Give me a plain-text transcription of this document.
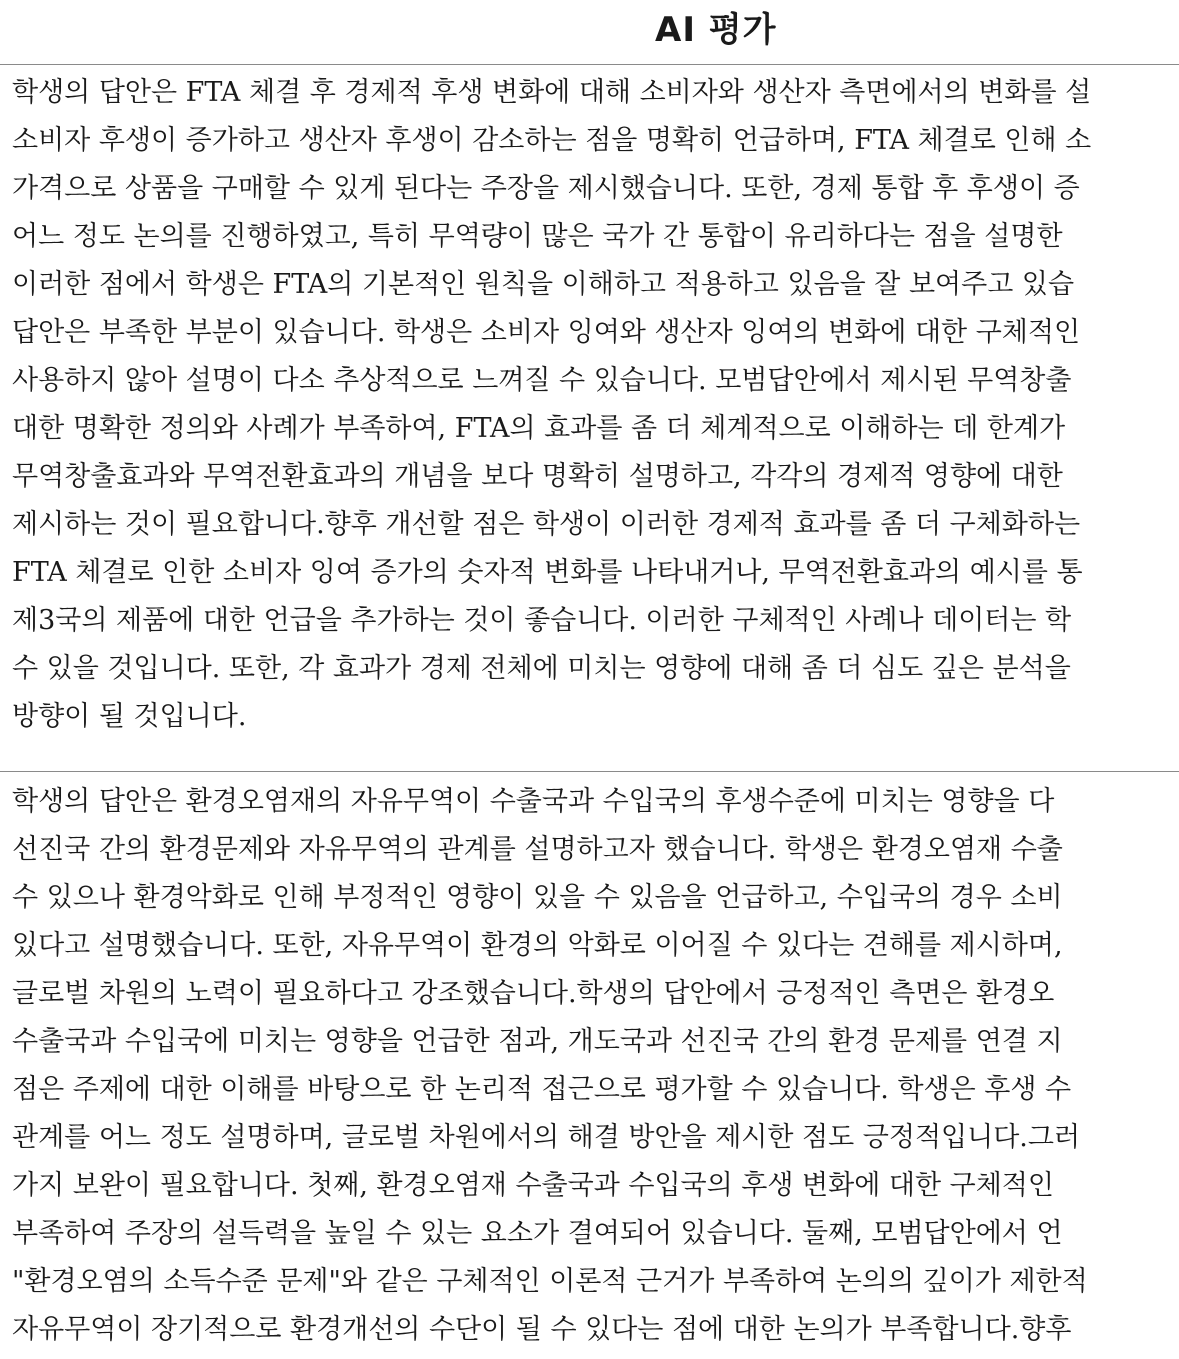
AI 평가
학생의 답안은 FTA 체결 후 경제적 후생 변화에 대해 소비자와 생산자 측면에서의 변화를 설
소비자 후생이 증가하고 생산자 후생이 감소하는 점을 명확히 언급하며, FTA 체결로 인해 소
가격으로 상품을 구매할 수 있게 된다는 주장을 제시했습니다. 또한, 경제 통합 후 후생이 증
어느 정도 논의를 진행하였고, 특히 무역량이 많은 국가 간 통합이 유리하다는 점을 설명한
이러한 점에서 학생은 FTA의 기본적인 원칙을 이해하고 적용하고 있음을 잘 보여주고 있습
답안은 부족한 부분이 있습니다. 학생은 소비자 잉여와 생산자 잉여의 변화에 대한 구체적인
사용하지 않아 설명이 다소 추상적으로 느껴질 수 있습니다. 모범답안에서 제시된 무역창출
대한 명확한 정의와 사례가 부족하여, FTA의 효과를 좀 더 체계적으로 이해하는 데 한계가
무역창출효과와 무역전환효과의 개념을 보다 명확히 설명하고, 각각의 경제적 영향에 대한
제시하는 것이 필요합니다.향후 개선할 점은 학생이 이러한 경제적 효과를 좀 더 구체화하는
FTA 체결로 인한 소비자 잉여 증가의 숫자적 변화를 나타내거나, 무역전환효과의 예시를 통
제3국의 제품에 대한 언급을 추가하는 것이 좋습니다. 이러한 구체적인 사례나 데이터는 학
수 있을 것입니다. 또한, 각 효과가 경제 전체에 미치는 영향에 대해 좀 더 심도 깊은 분석을
방향이 될 것입니다.
학생의 답안은 환경오염재의 자유무역이 수출국과 수입국의 후생수준에 미치는 영향을 다
선진국 간의 환경문제와 자유무역의 관계를 설명하고자 했습니다. 학생은 환경오염재 수출
수 있으나 환경악화로 인해 부정적인 영향이 있을 수 있음을 언급하고, 수입국의 경우 소비
있다고 설명했습니다. 또한, 자유무역이 환경의 악화로 이어질 수 있다는 견해를 제시하며,
글로벌 차원의 노력이 필요하다고 강조했습니다.학생의 답안에서 긍정적인 측면은 환경오
수출국과 수입국에 미치는 영향을 언급한 점과, 개도국과 선진국 간의 환경 문제를 연결 지
점은 주제에 대한 이해를 바탕으로 한 논리적 접근으로 평가할 수 있습니다. 학생은 후생 수
관계를 어느 정도 설명하며, 글로벌 차원에서의 해결 방안을 제시한 점도 긍정적입니다.그러
가지 보완이 필요합니다. 첫째, 환경오염재 수출국과 수입국의 후생 변화에 대한 구체적인
부족하여 주장의 설득력을 높일 수 있는 요소가 결여되어 있습니다. 둘째, 모범답안에서 언
"환경오염의 소득수준 문제"와 같은 구체적인 이론적 근거가 부족하여 논의의 깊이가 제한적
자유무역이 장기적으로 환경개선의 수단이 될 수 있다는 점에 대한 논의가 부족합니다.향후
